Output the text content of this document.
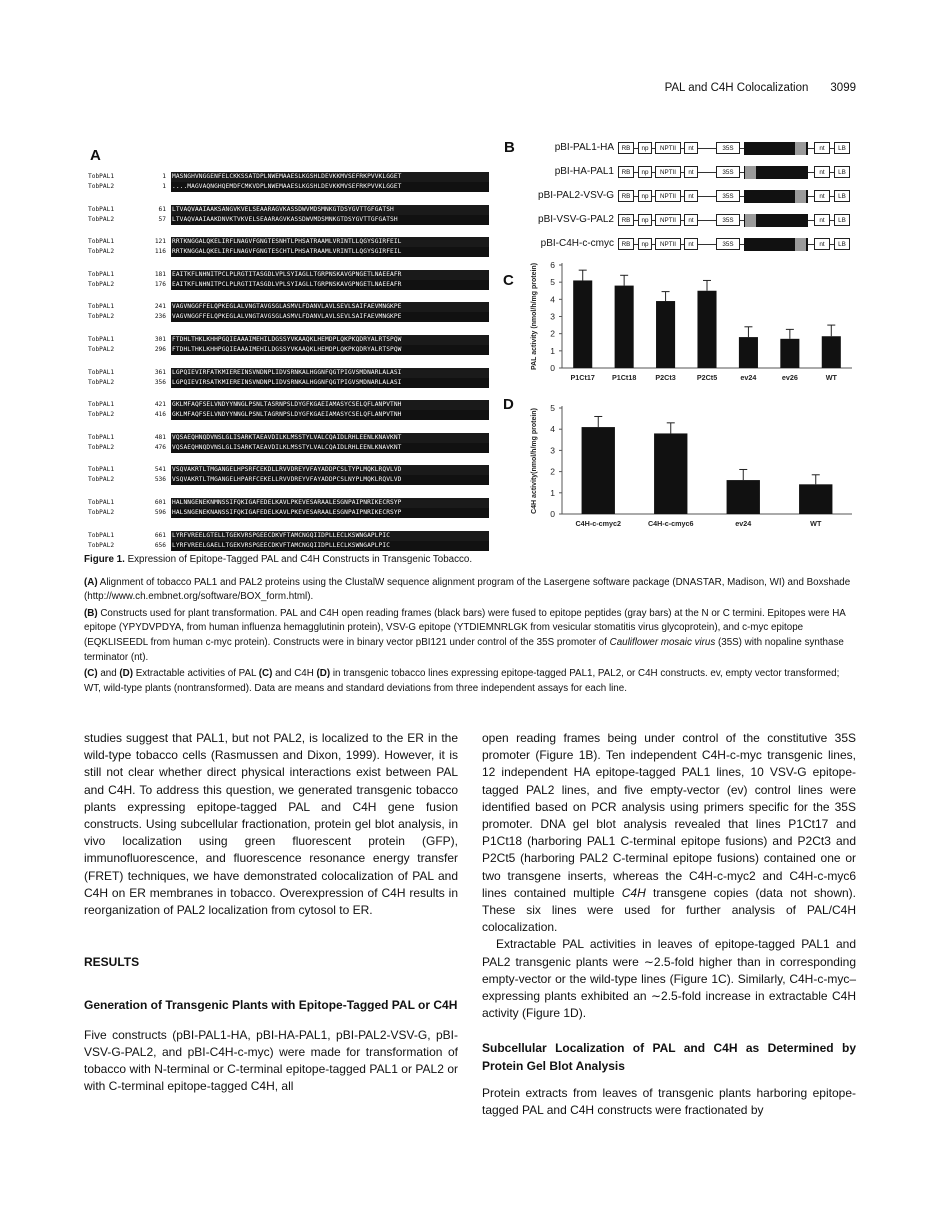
PAL and C4H Colocalization 3099
A
TobPAL1	1 MASNGHVNGGENFELCKKSSATDPLNWEMAAESLKGSHLDEVKKMVSEFRKPVVKLGGET
TobPAL2	1 ....MAGVAQNGHQEMDFCMKVDPLNWEMAAESLKGSHLDEVKKMVSEFRKPVVKLGGET
TobPAL1	61 LTVAQVAAIAAKSANGVKVELSEAARAGVKASSDWVMDSMNKGTDSYGVTTGFGATSH
TobPAL2	57 LTVAQVAAIAAKDNVKTVKVELSEAARAGVKASSDWVMDSMNKGTDSYGVTTGFGATSH
TobPAL1	121 RRTKNGGALQKELIRFLNAGVFGNGTESNHTLPHSATRAAMLVRINTLLQGYSGIRFEIL
TobPAL2	116 RRTKNGGALQKELIRFLNAGVFGNGTESCHTLPHSATRAAMLVRINTLLQGYSGIRFEIL
TobPAL1	181 EAITKFLNHNITPCLPLRGTITASGDLVPLSYIAGLLTGRPNSKAVGPNGETLNAEEAFR
TobPAL2	176 EAITKFLNHNITPCLPLRGTITASGDLVPLSYIAGLLTGRPNSKAVGPNGETLNAEEAFR
TobPAL1	241 VAGVNGGFFELQPKEGLALVNGTAVGSGLASMVLFDANVLAVLSEVLSAIFAEVMNGKPE
TobPAL2	236 VAGVNGGFFELQPKEGLALVNGTAVGSGLASMVLFDANVLAVLSEVLSAIFAEVMNGKPE
TobPAL1	301 FTDHLTHKLKHHPGQIEAAAIMEHILDGSSYVKAAQKLHEMDPLQKPKQDRYALRTSPQW
TobPAL2	296 FTDHLTHKLKHHPGQIEAAAIMEHILDGSSYVKAAQKLHEMDPLQKPKQDRYALRTSPQW
TobPAL1	361 LGPQIEVIRFATKMIEREINSVNDNPLIDVSRNKALHGGNFQGTPIGVSMDNARLALASI
TobPAL2	356 LGPQIEVIRSATKMIEREINSVNDNPLIDVSRNKALHGGNFQGTPIGVSMDNARLALASI
TobPAL1	421 GKLMFAQFSELVNDYYNNGLPSNLTASRNPSLDYGFKGAEIAMASYCSELQFLANPVTNH
TobPAL2	416 GKLMFAQFSELVNDYYNNGLPSNLTAGRNPSLDYGFKGAEIAMASYCSELQFLANPVTNH
TobPAL1	481 VQSAEQHNQDVNSLGLISARKTAEAVDILKLMSSTYLVALCQAIDLRHLEENLKNAVKNT
TobPAL2	476 VQSAEQHNQDVNSLGLISARKTAEAVDILKLMSSTYLVALCQAIDLRHLEENLKNAVKNT
TobPAL1	541 VSQVAKRTLTMGANGELHPSRFCEKDLLRVVDREYVFAYADDPCSLTYPLMQKLRQVLVD
TobPAL2	536 VSQVAKRTLTMGANGELHPARFCEKELLRVVDREYVFAYADDPCSLNYPLMQKLRQVLVD
TobPAL1	601 HALNNGENEKNMNSSIFQKIGAFEDELKAVLPKEVESARAALESGNPAIPNRIKECRSYP
TobPAL2	596 HALSNGENEKNANSSIFQKIGAFEDELKAVLPKEVESARAALESGNPAIPNRIKECRSYP
TobPAL1	661 LYRFVREELGTELLTGEKVRSPGEECDKVFTAMCNGQIIDPLLECLKSWNGAPLPIC
TobPAL2	656 LYRFVREELGAELLTGEKVRSPGEECDKVFTAMCNGQIIDPLLECLKSWNGAPLPIC
B	pBI-PAL1-HA	RB	np	NPTII	nt	35S	nt	LB
pBI-HA-PAL1	RB	np	NPTII	nt	35S	nt	LB
pBI-PAL2-VSV-G	RB	np	NPTII	nt	35S	nt	LB
pBI-VSV-G-PAL2	RB	np	NPTII	nt	35S	nt	LB
pBI-C4H-c-cmyc	RB	np	NPTII	nt	35S	nt	LB
C
0
1
2
3
4
5
6
PAL activity (nmol/h/mg protein)
P1Ct17 P1Ct18	P2Ct3	P2Ct5	ev24	ev26	WT
D
0
1
2
3
4
5
C4H activity(nmol/h/mg protein)
C4H-c-cmyc2	C4H-c-cmyc6	ev24	WT

Figure 1. Expression of Epitope-Tagged PAL and C4H Constructs in Transgenic Tobacco.

(A) Alignment of tobacco PAL1 and PAL2 proteins using the ClustalW sequence alignment program of the Lasergene software package (DNASTAR, Madison, WI) and Boxshade (http://www.ch.embnet.org/software/BOX_form.html).

(B) Constructs used for plant transformation. PAL and C4H open reading frames (black bars) were fused to epitope peptides (gray bars) at the N or C termini. Epitopes were HA epitope (YPYDVPDYA, from human influenza hemagglutinin protein), VSV-G epitope (YTDIEMNRLGK from vesicular stomatitis virus glycoprotein), and c-myc epitope (EQKLISEEDL from human c-myc protein). Constructs were in binary vector pBI121 under control of the 35S promoter of Cauliflower mosaic virus (35S) with nopaline synthase terminator (nt).

(C) and (D) Extractable activities of PAL (C) and C4H (D) in transgenic tobacco lines expressing epitope-tagged PAL1, PAL2, or C4H constructs. ev, empty vector transformed; WT, wild-type plants (nontransformed). Data are means and standard deviations from three independent assays for each line.

studies suggest that PAL1, but not PAL2, is localized to the ER in the wild-type tobacco cells (Rasmussen and Dixon, 1999). However, it is still not clear whether direct physical interactions exist between PAL and C4H. To address this question, we generated transgenic tobacco plants expressing epitope-tagged PAL and C4H gene fusion constructs. Using subcellular fractionation, protein gel blot analysis, in vivo localization using green fluorescent protein (GFP), immunofluorescence, and fluorescence resonance energy transfer (FRET) techniques, we have demonstrated colocalization of PAL and C4H on ER membranes in tobacco. Overexpression of C4H results in reorganization of PAL2 localization from cytosol to ER.

RESULTS
Generation of Transgenic Plants with Epitope-Tagged PAL or C4H

Five constructs (pBI-PAL1-HA, pBI-HA-PAL1, pBI-PAL2-VSV-G, pBI-VSV-G-PAL2, and pBI-C4H-c-myc) were made for transformation of tobacco with N-terminal or C-terminal epitope-tagged PAL1 or PAL2 or with C-terminal epitope-tagged C4H, all

open reading frames being under control of the constitutive 35S promoter (Figure 1B). Ten independent C4H-c-myc transgenic lines, 12 independent HA epitope-tagged PAL1 lines, 10 VSV-G epitope-tagged PAL2 lines, and five empty-vector (ev) control lines were identified based on PCR analysis using primers specific for the 35S promoter. DNA gel blot analysis revealed that lines P1Ct17 and P1Ct18 (harboring PAL1 C-terminal epitope fusions) and P2Ct3 and P2Ct5 (harboring PAL2 C-terminal epitope fusions) contained one or two transgene inserts, whereas the C4H-c-myc2 and C4H-c-myc6 lines contained multiple C4H transgene copies (data not shown). These six lines were used for further analysis of PAL/C4H colocalization.

Extractable PAL activities in leaves of epitope-tagged PAL1 and PAL2 transgenic plants were ∼2.5-fold higher than in corresponding empty-vector or the wild-type lines (Figure 1C). Similarly, C4H-c-myc–expressing plants exhibited an ∼2.5-fold increase in extractable C4H activity (Figure 1D).

Subcellular Localization of PAL and C4H as Determined by Protein Gel Blot Analysis

Protein extracts from leaves of transgenic plants harboring epitope-tagged PAL and C4H constructs were fractionated by
